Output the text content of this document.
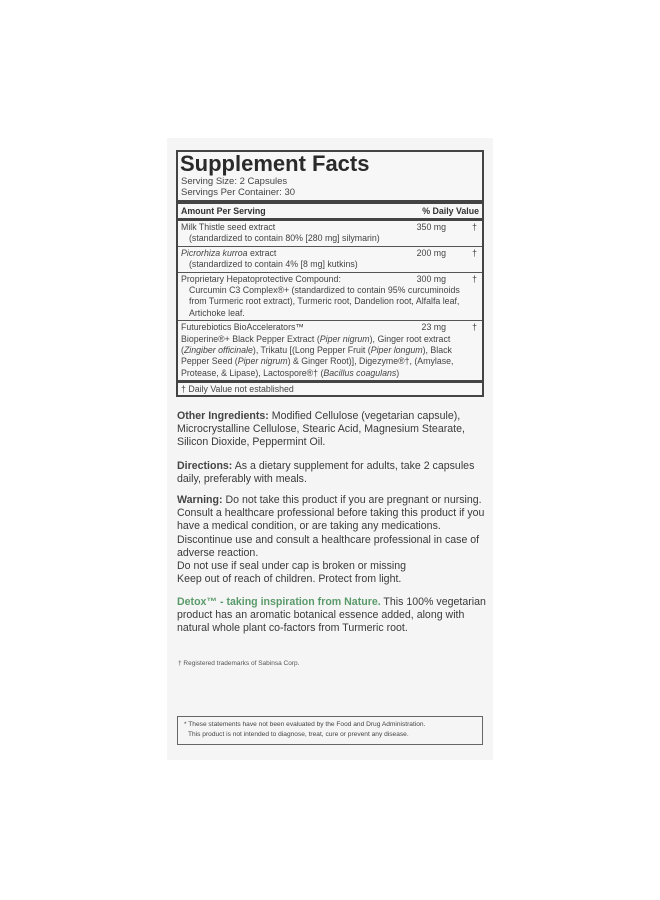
Supplement Facts
Serving Size: 2 Capsules
Servings Per Container: 30
Amount Per Serving	% Daily Value
Milk Thistle seed extract	350 mg	†
(standardized to contain 80% [280 mg] silymarin)
Picrorhiza kurroa extract	200 mg	†
(standardized to contain 4% [8 mg] kutkins)
Proprietary Hepatoprotective Compound:	300 mg	†
Curcumin C3 Complex®+ (standardized to contain 95% curcuminoids from Turmeric root extract), Turmeric root, Dandelion root, Alfalfa leaf, Artichoke leaf.
Futurebiotics BioAccelerators™	23 mg	†
Bioperine®+ Black Pepper Extract (Piper nigrum), Ginger root extract (Zingiber officinale), Trikatu [(Long Pepper Fruit (Piper longum), Black Pepper Seed (Piper nigrum) & Ginger Root)], Digezyme®†, (Amylase, Protease, & Lipase), Lactospore®† (Bacillus coagulans)
† Daily Value not established
Other Ingredients: Modified Cellulose (vegetarian capsule), Microcrystalline Cellulose, Stearic Acid, Magnesium Stearate, Silicon Dioxide, Peppermint Oil.
Directions: As a dietary supplement for adults, take 2 capsules daily, preferably with meals.
Warning: Do not take this product if you are pregnant or nursing. Consult a healthcare professional before taking this product if you have a medical condition, or are taking any medications. Discontinue use and consult a healthcare professional in case of adverse reaction.
Do not use if seal under cap is broken or missing
Keep out of reach of children. Protect from light.
Detox™ - taking inspiration from Nature. This 100% vegetarian product has an aromatic botanical essence added, along with natural whole plant co-factors from Turmeric root.
† Registered trademarks of Sabinsa Corp.
* These statements have not been evaluated by the Food and Drug Administration.
This product is not intended to diagnose, treat, cure or prevent any disease.
